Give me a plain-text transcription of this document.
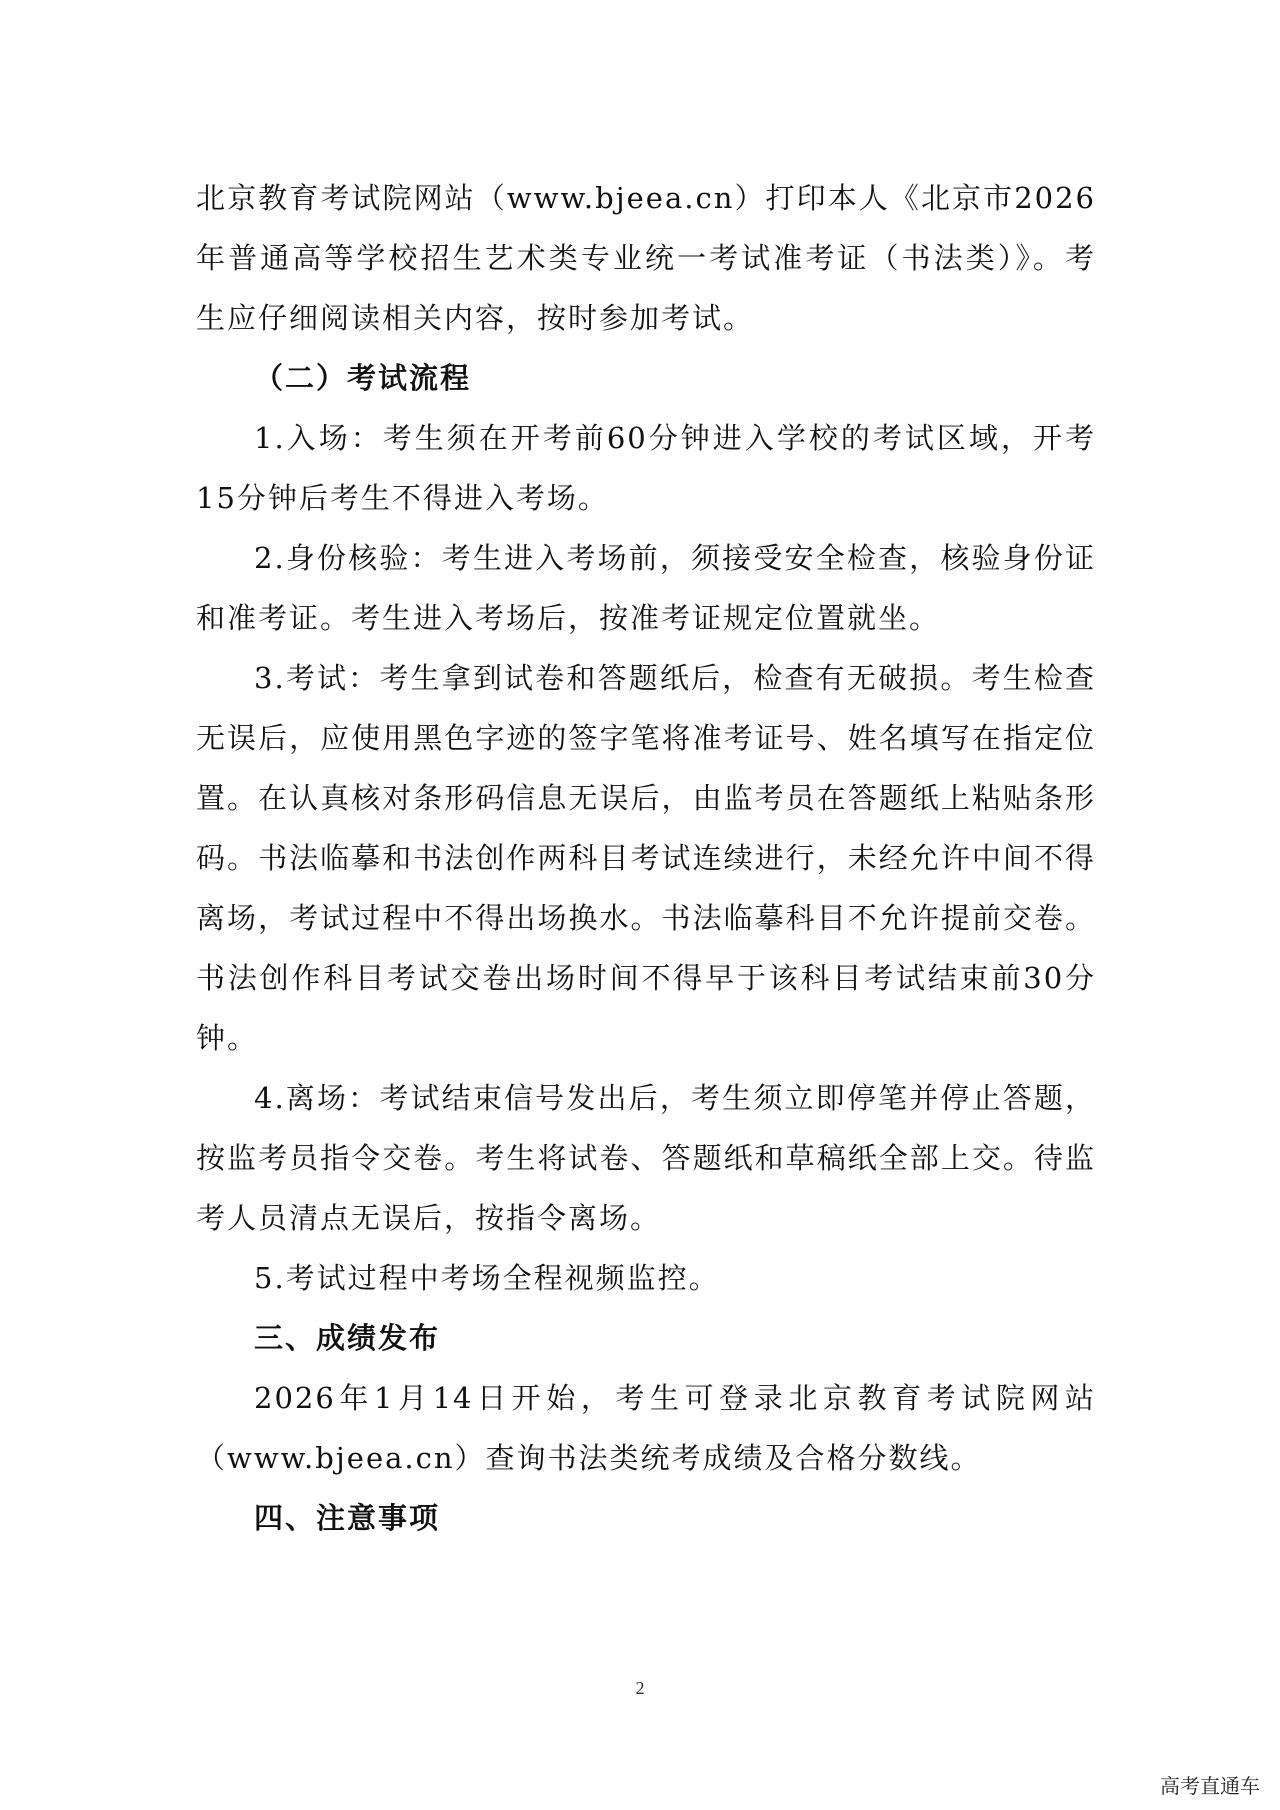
北京教育考试院网站（www.bjeea.cn）打印本人《北京市2026年普通高等学校招生艺术类专业统一考试准考证（书法类）》。考生应仔细阅读相关内容，按时参加考试。

（二）考试流程

1.入场：考生须在开考前60分钟进入学校的考试区域，开考15分钟后考生不得进入考场。

2.身份核验：考生进入考场前，须接受安全检查，核验身份证和准考证。考生进入考场后，按准考证规定位置就坐。

3.考试：考生拿到试卷和答题纸后，检查有无破损。考生检查无误后，应使用黑色字迹的签字笔将准考证号、姓名填写在指定位置。在认真核对条形码信息无误后，由监考员在答题纸上粘贴条形码。书法临摹和书法创作两科目考试连续进行，未经允许中间不得离场，考试过程中不得出场换水。书法临摹科目不允许提前交卷。书法创作科目考试交卷出场时间不得早于该科目考试结束前30分钟。

4.离场：考试结束信号发出后，考生须立即停笔并停止答题，按监考员指令交卷。考生将试卷、答题纸和草稿纸全部上交。待监考人员清点无误后，按指令离场。

5.考试过程中考场全程视频监控。

三、成绩发布

2026年1月14日开始，考生可登录北京教育考试院网站（www.bjeea.cn）查询书法类统考成绩及合格分数线。

四、注意事项

2
高考直通车
